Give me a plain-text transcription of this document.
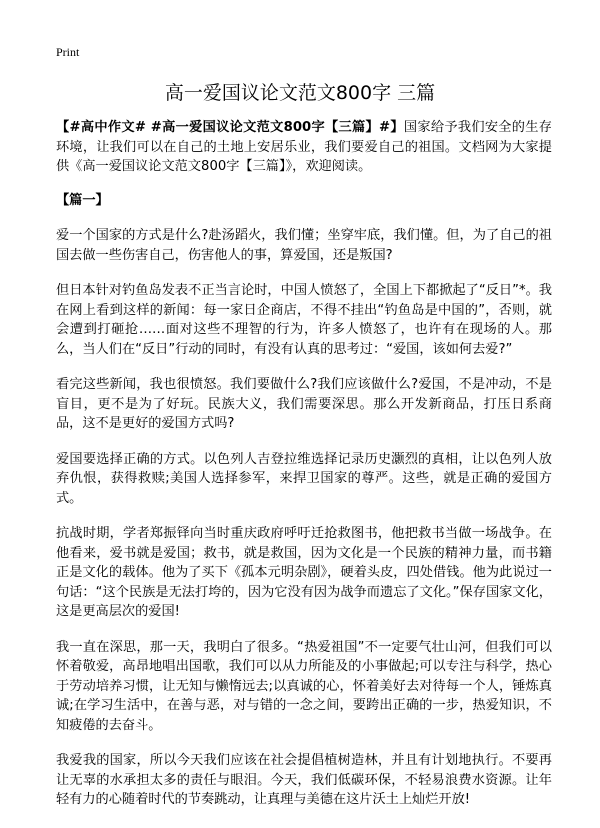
Print
高一爱国议论文范文800字 三篇

【#高中作文# #高一爱国议论文范文800字【三篇】#】国家给予我们安全的生存环境，让我们可以在自己的土地上安居乐业，我们要爱自己的祖国。文档网为大家提供《高一爱国议论文范文800字【三篇】》，欢迎阅读。

【篇一】

爱一个国家的方式是什么?赴汤蹈火，我们懂；坐穿牢底，我们懂。但，为了自己的祖国去做一些伤害自己，伤害他人的事，算爱国，还是叛国?

但日本针对钓鱼岛发表不正当言论时，中国人愤怒了，全国上下都掀起了“反日”*。我在网上看到这样的新闻：每一家日企商店，不得不挂出“钓鱼岛是中国的”，否则，就会遭到打砸抢……面对这些不理智的行为，许多人愤怒了，也许有在现场的人。那么，当人们在“反日”行动的同时，有没有认真的思考过：“爱国，该如何去爱?”

看完这些新闻，我也很愤怒。我们要做什么?我们应该做什么?爱国，不是冲动，不是盲目，更不是为了好玩。民族大义，我们需要深思。那么开发新商品，打压日系商品，这不是更好的爱国方式吗?

爱国要选择正确的方式。以色列人吉登拉维选择记录历史灏烈的真相，让以色列人放弃仇恨，获得救赎;美国人选择参军，来捍卫国家的尊严。这些，就是正确的爱国方式。

抗战时期，学者郑振铎向当时重庆政府呼吁迁抢救图书，他把救书当做一场战争。在他看来，爱书就是爱国；救书，就是救国，因为文化是一个民族的精神力量，而书籍正是文化的载体。他为了买下《孤本元明杂剧》，硬着头皮，四处借钱。他为此说过一句话：“这个民族是无法打垮的，因为它没有因为战争而遗忘了文化。”保存国家文化，这是更高层次的爱国!

我一直在深思，那一天，我明白了很多。“热爱祖国”不一定要气壮山河，但我们可以怀着敬爱，高昂地唱出国歌，我们可以从力所能及的小事做起;可以专注与科学，热心于劳动培养习惯，让无知与懒惰远去;以真诚的心，怀着美好去对待每一个人，锤炼真诚;在学习生活中，在善与恶，对与错的一念之间，要跨出正确的一步，热爱知识，不知疲倦的去奋斗。

我爱我的国家，所以今天我们应该在社会提倡植树造林，并且有计划地执行。不要再让无辜的水承担太多的责任与眼泪。今天，我们低碳环保，不轻易浪费水资源。让年轻有力的心随着时代的节奏跳动，让真理与美德在这片沃土上灿烂开放!
